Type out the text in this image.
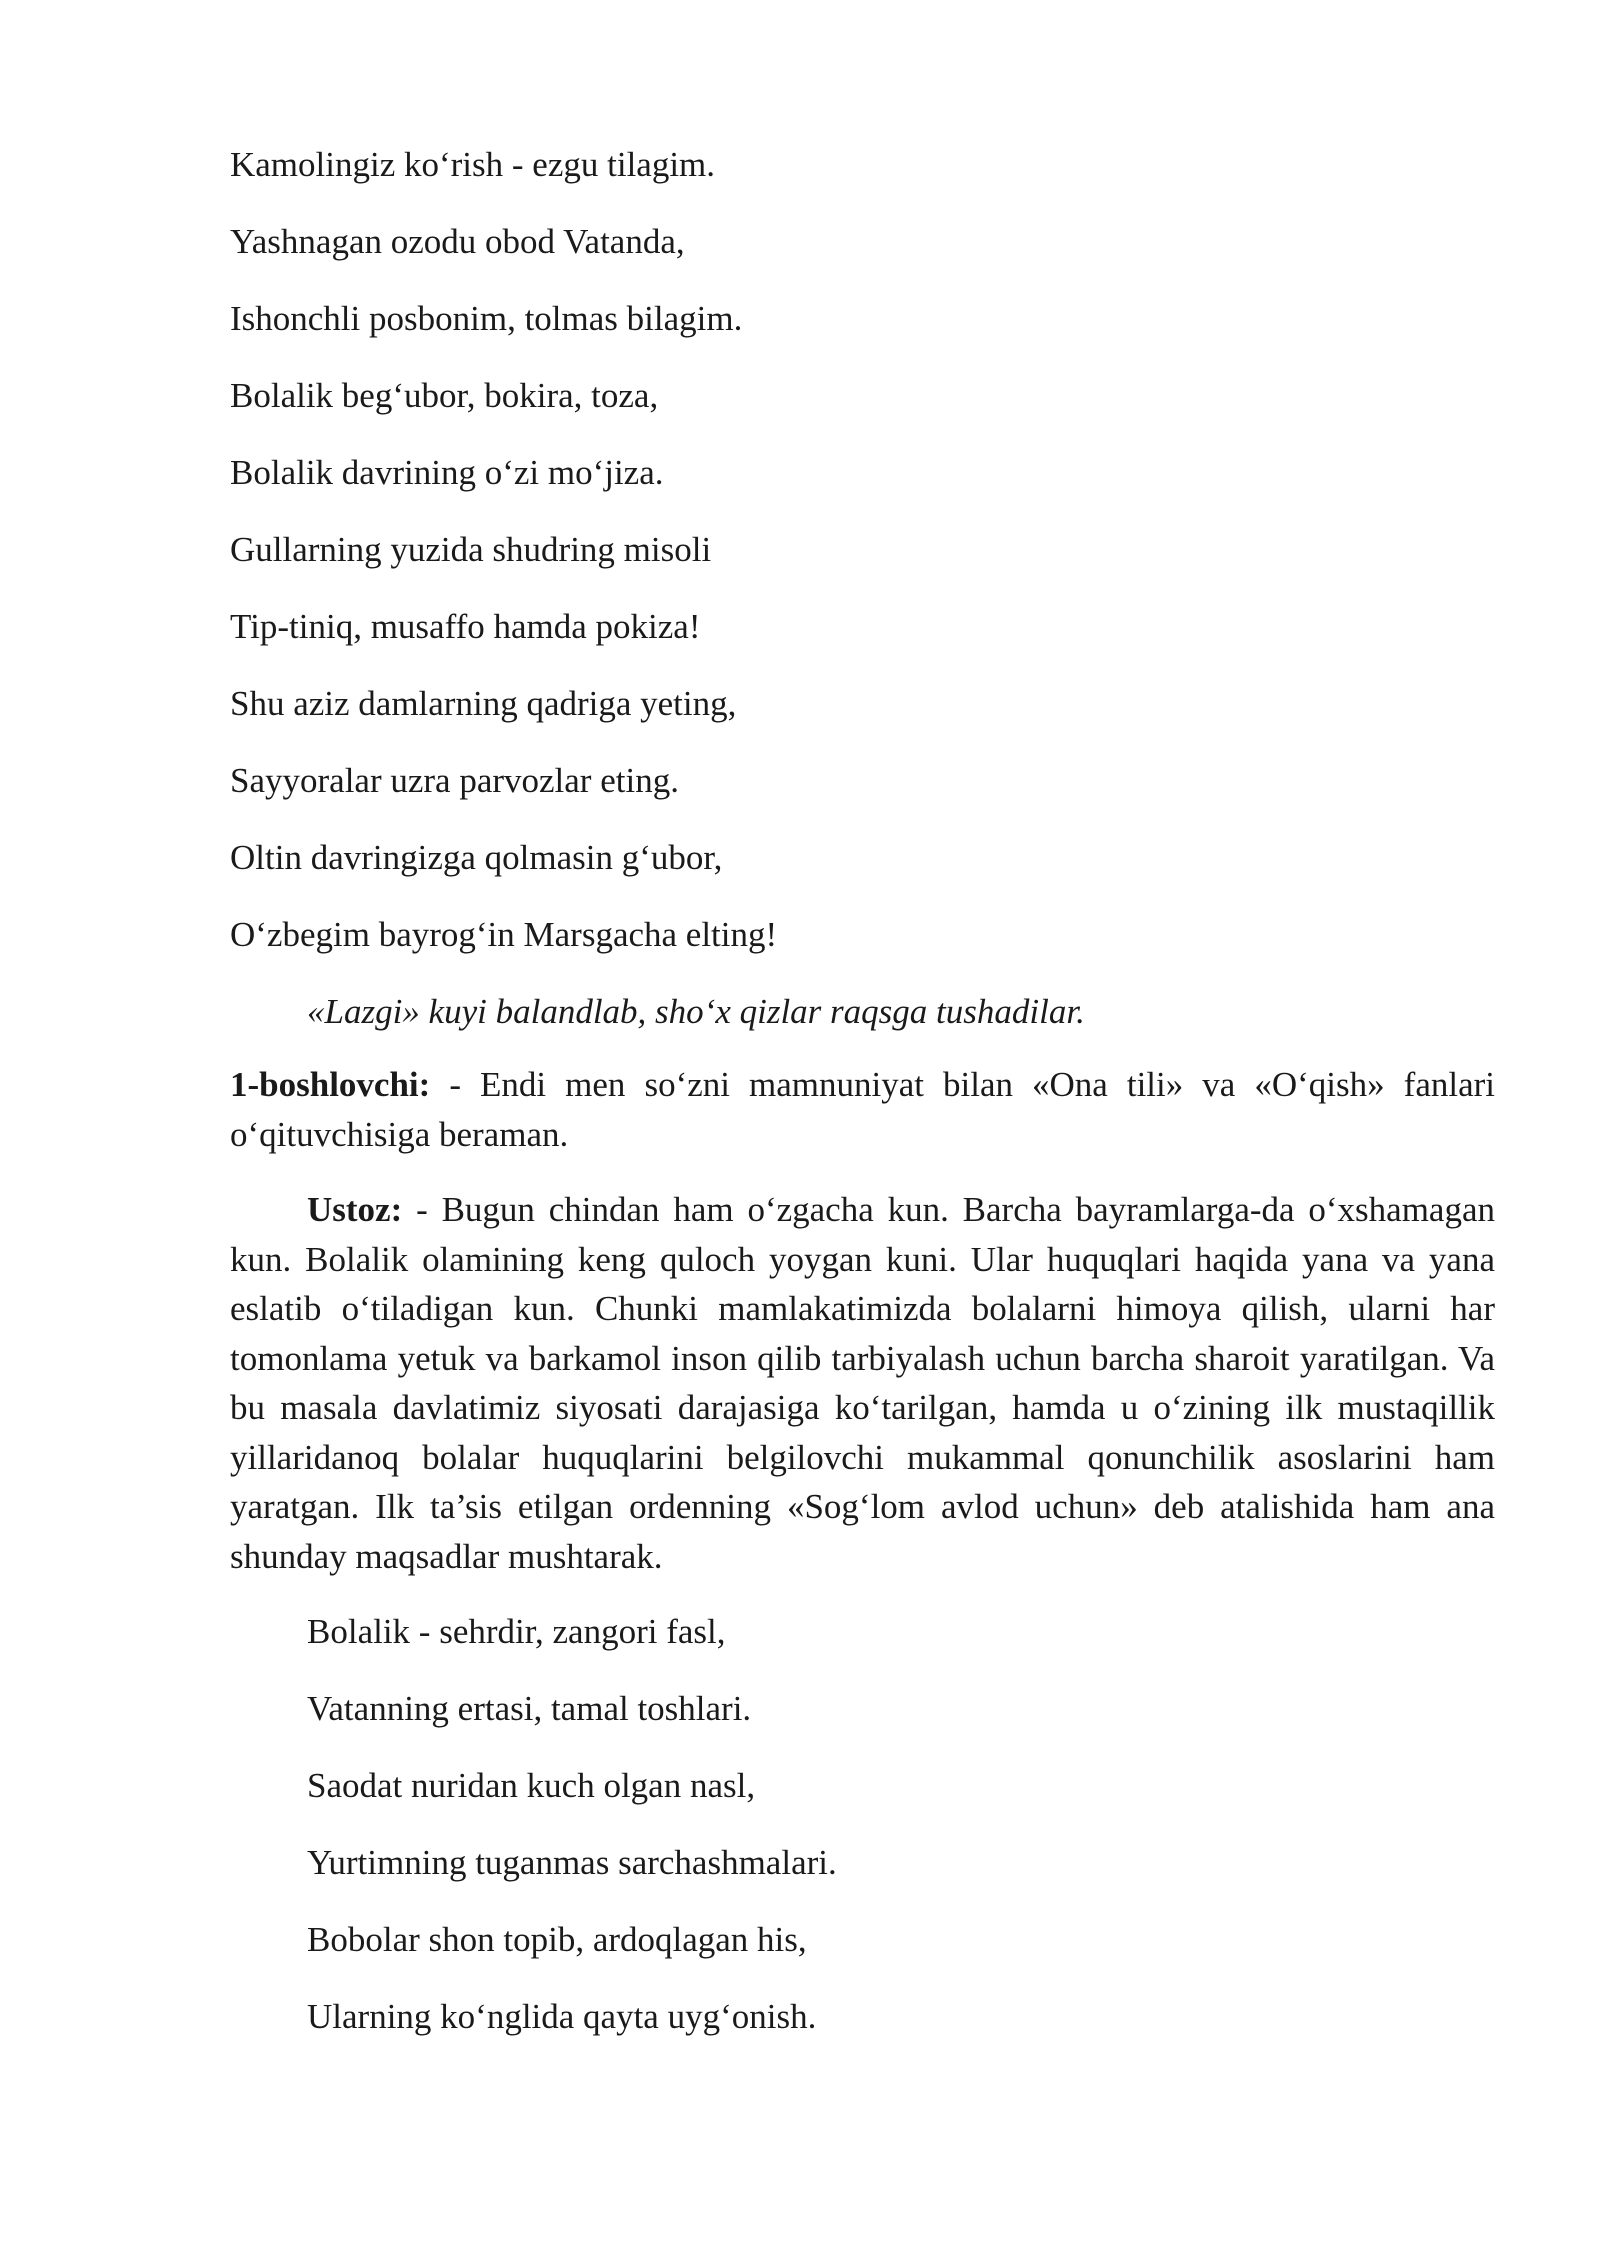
Kamolingiz ko‘rish - ezgu tilagim.

Yashnagan ozodu obod Vatanda,

Ishonchli posbonim, tolmas bilagim.

Bolalik beg‘ubor, bokira, toza,

Bolalik davrining o‘zi mo‘jiza.

Gullarning yuzida shudring misoli

Tip-tiniq, musaffo hamda pokiza!

Shu aziz damlarning qadriga yeting,

Sayyoralar uzra parvozlar eting.

Oltin davringizga qolmasin g‘ubor,

O‘zbegim bayrog‘in Marsgacha elting!

«Lazgi» kuyi balandlab, sho‘x qizlar raqsga tushadilar.

1-boshlovchi: - Endi men so‘zni mamnuniyat bilan «Ona tili» va «O‘qish» fanlari o‘qituvchisiga beraman.

Ustoz: - Bugun chindan ham o‘zgacha kun. Barcha bayramlarga-da o‘xshamagan kun. Bolalik olamining keng quloch yoygan kuni. Ular huquqlari haqida yana va yana eslatib o‘tiladigan kun. Chunki mamlakatimizda bolalarni himoya qilish, ularni har tomonlama yetuk va barkamol inson qilib tarbiyalash uchun barcha sharoit yaratilgan. Va bu masala davlatimiz siyosati darajasiga ko‘tarilgan, hamda u o‘zining ilk mustaqillik yillaridanoq bolalar huquqlarini belgilovchi mukammal qonunchilik asoslarini ham yaratgan. Ilk ta’sis etilgan ordenning «Sog‘lom avlod uchun» deb atalishida ham ana shunday maqsadlar mushtarak.

Bolalik - sehrdir, zangori fasl,

Vatanning ertasi, tamal toshlari.

Saodat nuridan kuch olgan nasl,

Yurtimning tuganmas sarchashmalari.

Bobolar shon topib, ardoqlagan his,

Ularning ko‘nglida qayta uyg‘onish.
